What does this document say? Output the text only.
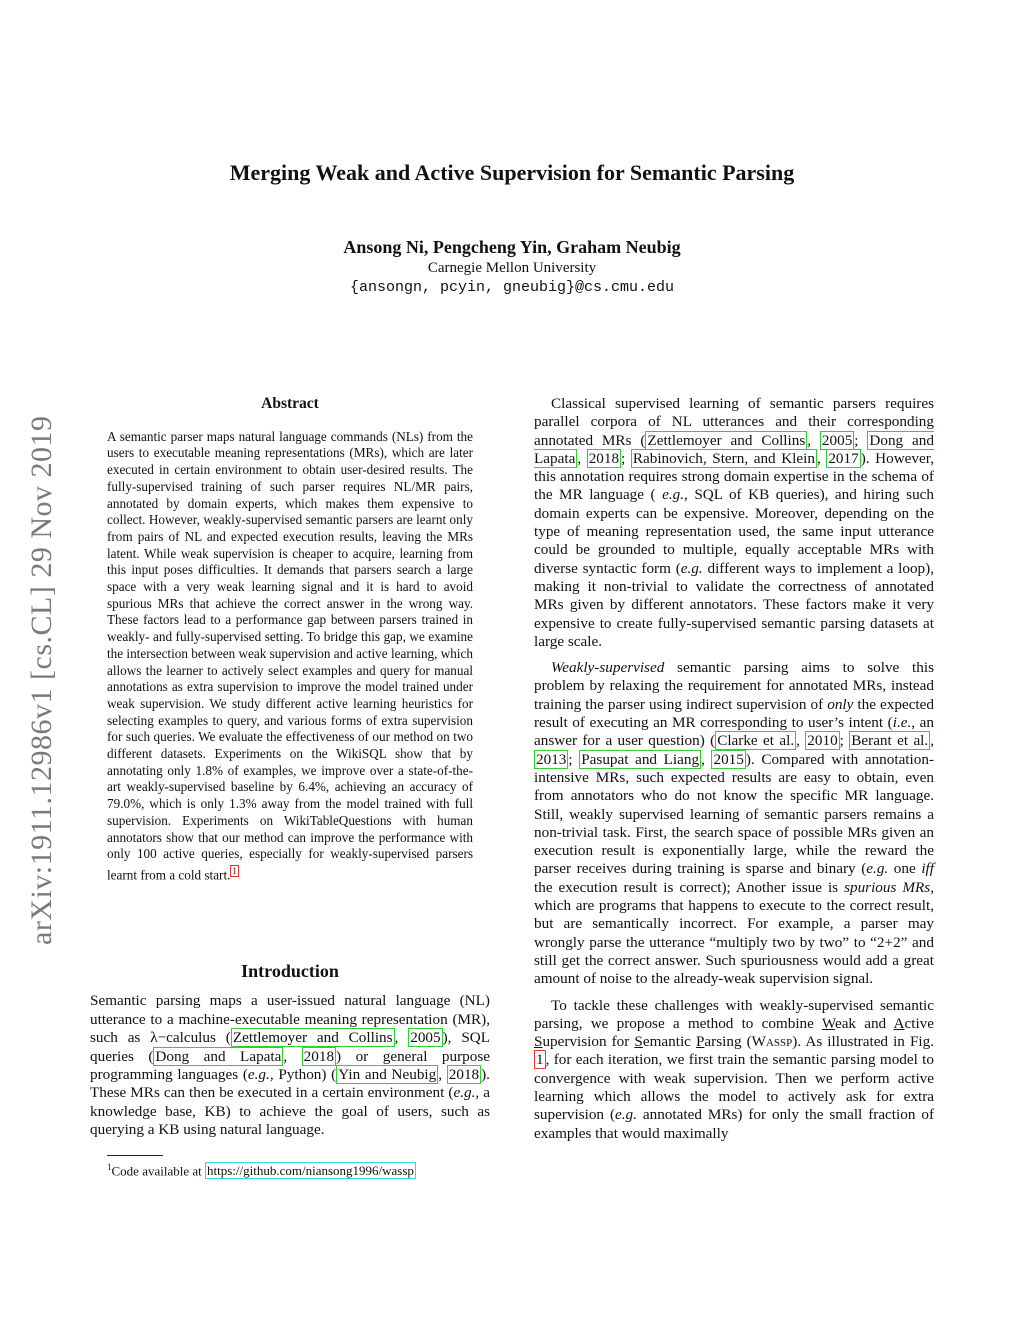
Merging Weak and Active Supervision for Semantic Parsing
Ansong Ni, Pengcheng Yin, Graham Neubig
Carnegie Mellon University
{ansongn, pcyin, gneubig}@cs.cmu.edu
arXiv:1911.12986v1 [cs.CL] 29 Nov 2019

Abstract

A semantic parser maps natural language commands (NLs) from the users to executable meaning representations (MRs), which are later executed in certain environment to obtain user-desired results. The fully-supervised training of such parser requires NL/MR pairs, annotated by domain experts, which makes them expensive to collect. However, weakly-supervised semantic parsers are learnt only from pairs of NL and expected execution results, leaving the MRs latent. While weak supervision is cheaper to acquire, learning from this input poses difficulties. It demands that parsers search a large space with a very weak learning signal and it is hard to avoid spurious MRs that achieve the correct answer in the wrong way. These factors lead to a performance gap between parsers trained in weakly- and fully-supervised setting. To bridge this gap, we examine the intersection between weak supervision and active learning, which allows the learner to actively select examples and query for manual annotations as extra supervision to improve the model trained under weak supervision. We study different active learning heuristics for selecting examples to query, and various forms of extra supervision for such queries. We evaluate the effectiveness of our method on two different datasets. Experiments on the WikiSQL show that by annotating only 1.8% of examples, we improve over a state-of-the-art weakly-supervised baseline by 6.4%, achieving an accuracy of 79.0%, which is only 1.3% away from the model trained with full supervision. Experiments on WikiTableQuestions with human annotators show that our method can improve the performance with only 100 active queries, especially for weakly-supervised parsers learnt from a cold start. $^1$

Introduction

Semantic parsing maps a user-issued natural language (NL) utterance to a machine-executable meaning representation (MR), such as λ−calculus ( Zettlemoyer and Collins , 2005 ), SQL queries ( Dong and Lapata , 2018 ) or general purpose programming languages (e.g., Python) ( Yin and Neubig , 2018 ). These MRs can then be executed in a certain environment (e.g., a knowledge base, KB) to achieve the goal of users, such as querying a KB using natural language.

$^1$Code available at https://github.com/niansong1996/wassp

Classical supervised learning of semantic parsers requires parallel corpora of NL utterances and their corresponding annotated MRs ( Zettlemoyer and Collins , 2005 ; Dong and Lapata , 2018 ; Rabinovich, Stern, and Klein , 2017 ). However, this annotation requires strong domain expertise in the schema of the MR language ( e.g., SQL of KB queries), and hiring such domain experts can be expensive. Moreover, depending on the type of meaning representation used, the same input utterance could be grounded to multiple, equally acceptable MRs with diverse syntactic form (e.g. different ways to implement a loop), making it non-trivial to validate the correctness of annotated MRs given by different annotators. These factors make it very expensive to create fully-supervised semantic parsing datasets at large scale.

Weakly-supervised semantic parsing aims to solve this problem by relaxing the requirement for annotated MRs, instead training the parser using indirect supervision of only the expected result of executing an MR corresponding to user’s intent (i.e., an answer for a user question) ( Clarke et al. , 2010 ; Berant et al. , 2013 ; Pasupat and Liang , 2015 ). Compared with annotation-intensive MRs, such expected results are easy to obtain, even from annotators who do not know the specific MR language. Still, weakly supervised learning of semantic parsers remains a non-trivial task. First, the search space of possible MRs given an execution result is exponentially large, while the reward the parser receives during training is sparse and binary (e.g. one iff the execution result is correct); Another issue is spurious MRs, which are programs that happens to execute to the correct result, but are semantically incorrect. For example, a parser may wrongly parse the utterance “multiply two by two” to “2+2” and still get the correct answer. Such spuriousness would add a great amount of noise to the already-weak supervision signal.

To tackle these challenges with weakly-supervised semantic parsing, we propose a method to combine Weak and Active Supervision for Semantic Parsing (Wassp). As illustrated in Fig. 1 , for each iteration, we first train the semantic parsing model to convergence with weak supervision. Then we perform active learning which allows the model to actively ask for extra supervision (e.g. annotated MRs) for only the small fraction of examples that would maximally
